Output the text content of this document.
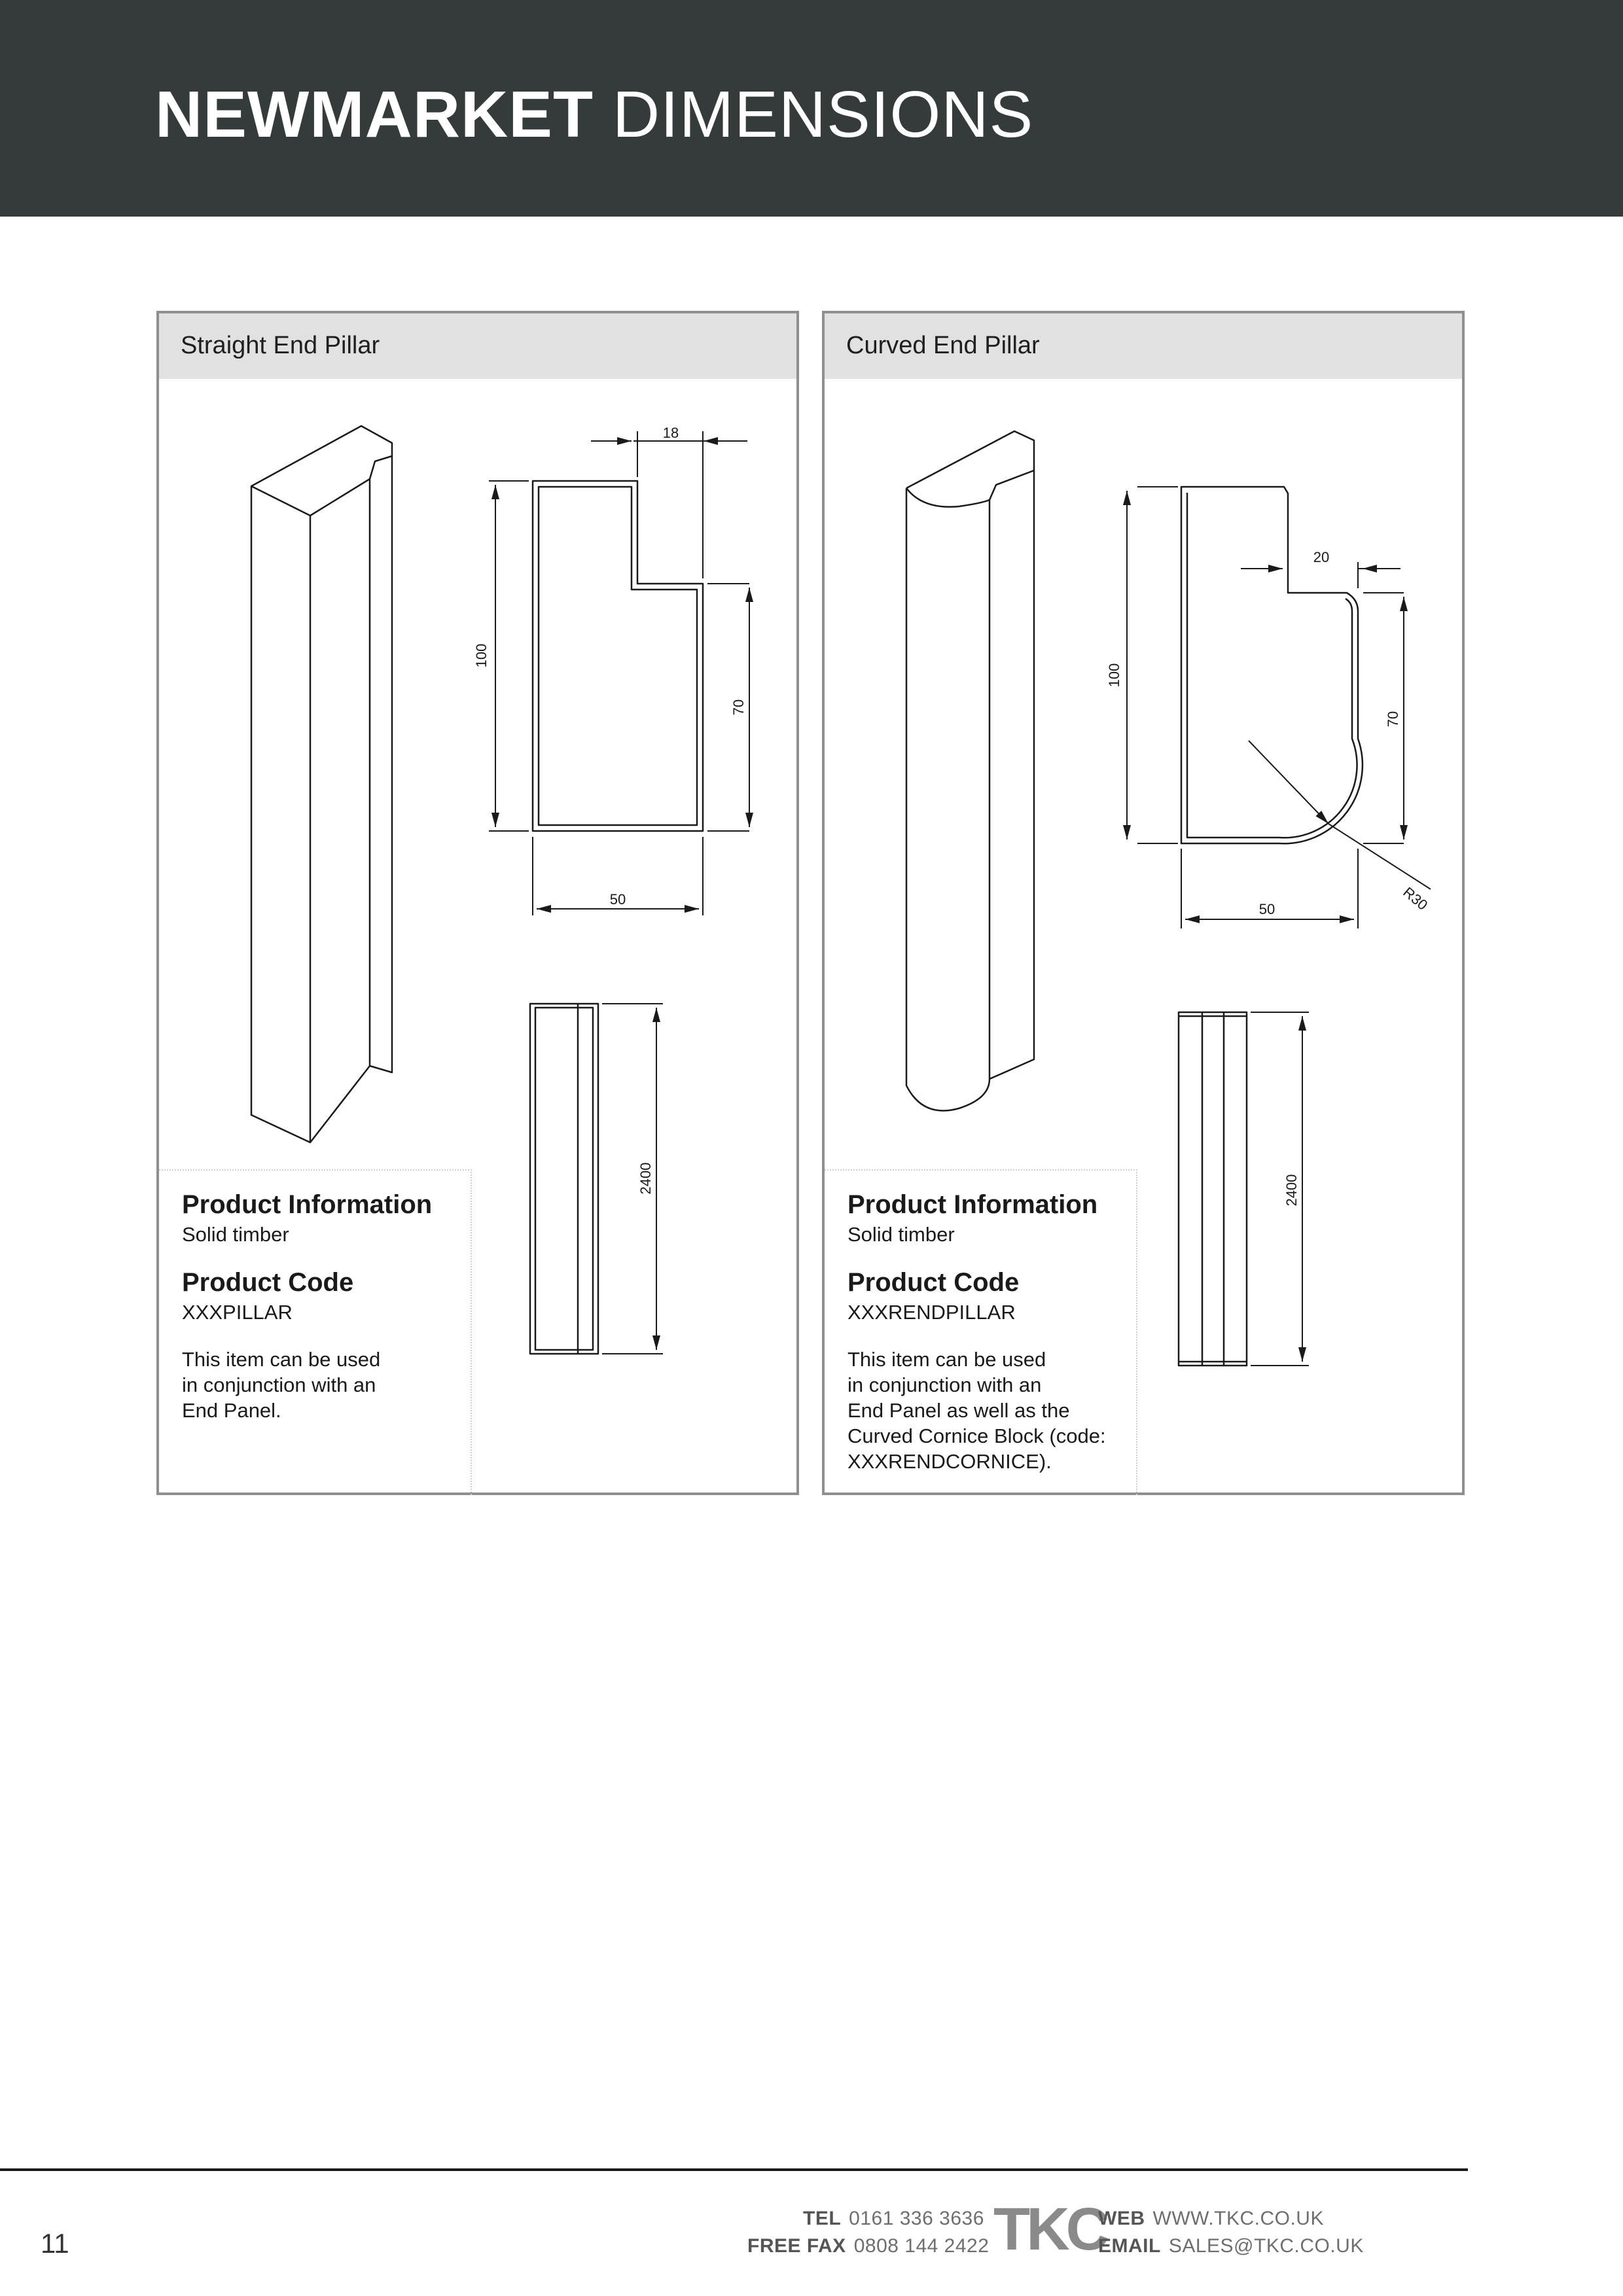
NEWMARKET DIMENSIONS
Straight End Pillar
18
100
70
50
2400
Product Information
Solid timber
Product Code
XXXPILLAR
This item can be used
in conjunction with an
End Panel.
Curved End Pillar
20
100
70
50	R30
2400
Product Information
Solid timber
Product Code
XXXRENDPILLAR
This item can be used
in conjunction with an
End Panel as well as the
Curved Cornice Block (code:
XXXRENDCORNICE).
11
TEL 0161 336 3636
FREE FAX 0808 144 2422 TKC
WEB WWW.TKC.CO.UK
EMAIL SALES@TKC.CO.UK
